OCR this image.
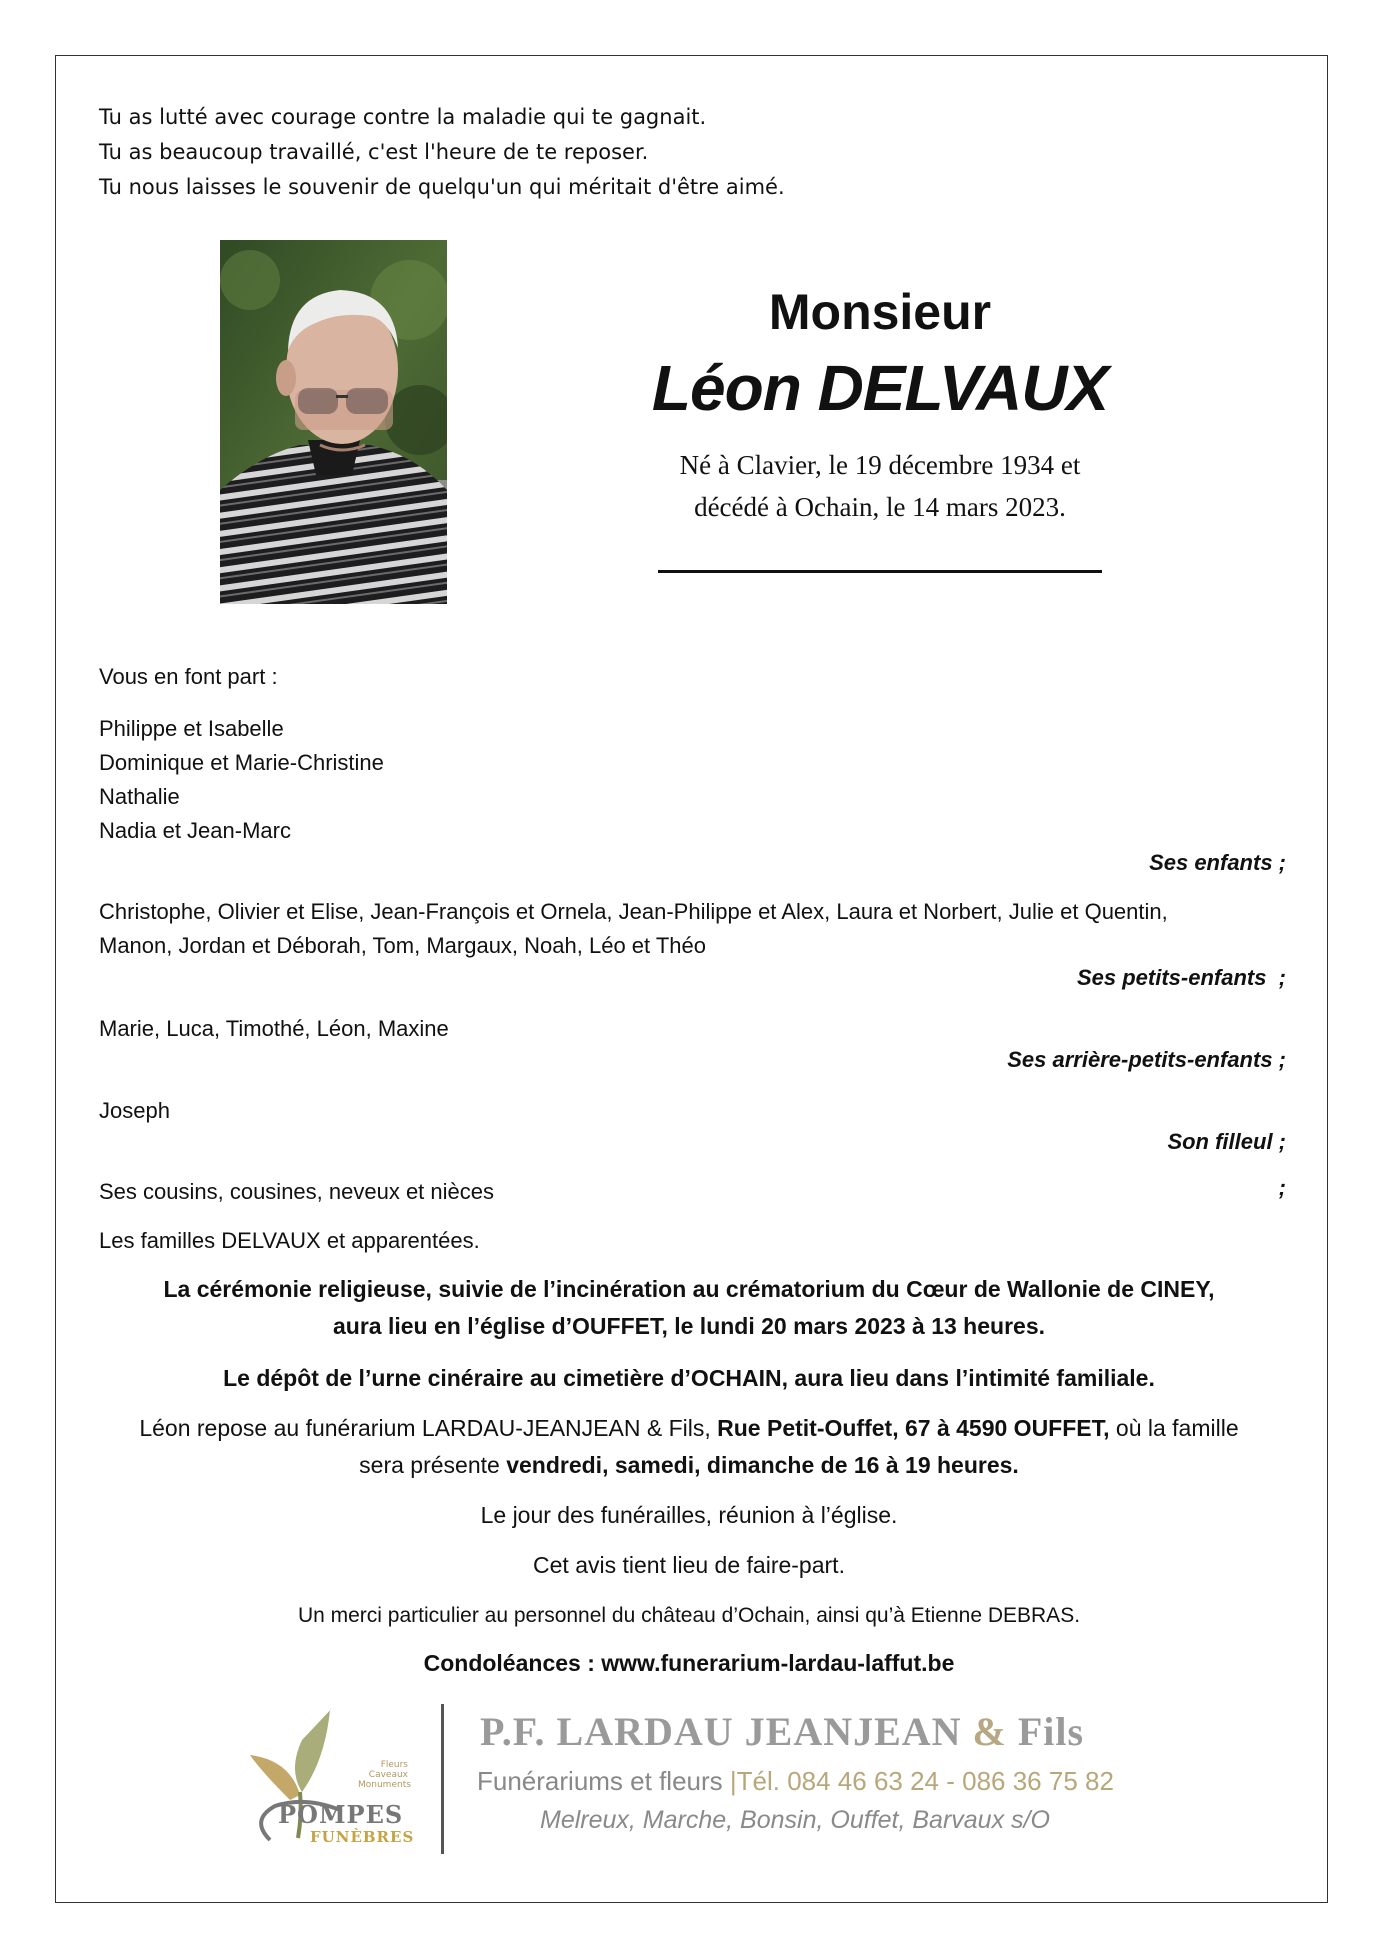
Tu as lutté avec courage contre la maladie qui te gagnait.
Tu as beaucoup travaillé, c'est l'heure de te reposer.
Tu nous laisses le souvenir de quelqu'un qui méritait d'être aimé.
Monsieur
Léon DELVAUX
Né à Clavier, le 19 décembre 1934 et
décédé à Ochain, le 14 mars 2023.
Vous en font part :
Philippe et Isabelle
Dominique et Marie-Christine
Nathalie
Nadia et Jean-Marc
Ses enfants ;
Christophe, Olivier et Elise, Jean-François et Ornela, Jean-Philippe et Alex, Laura et Norbert, Julie et Quentin,
Manon, Jordan et Déborah, Tom, Margaux, Noah, Léo et Théo
Ses petits-enfants  ;
Marie, Luca, Timothé, Léon, Maxine
Ses arrière-petits-enfants ;
Joseph
Son filleul ;
Ses cousins, cousines, neveux et nièces	;
Les familles DELVAUX et apparentées.
La cérémonie religieuse, suivie de l’incinération au crématorium du Cœur de Wallonie de CINEY,
aura lieu en l’église d’OUFFET, le lundi 20 mars 2023 à 13 heures.
Le dépôt de l’urne cinéraire au cimetière d’OCHAIN, aura lieu dans l’intimité familiale.
Léon repose au funérarium LARDAU-JEANJEAN & Fils, Rue Petit-Ouffet, 67 à 4590 OUFFET, où la famille
sera présente vendredi, samedi, dimanche de 16 à 19 heures.
Le jour des funérailles, réunion à l’église.
Cet avis tient lieu de faire-part.
Un merci particulier au personnel du château d’Ochain, ainsi qu’à Etienne DEBRAS.
Condoléances : www.funerarium-lardau-laffut.be
Fleurs
Caveaux
Monuments
POMPES
FUNÈBRES
P.F. LARDAU JEANJEAN & Fils
Funérariums et fleurs |Tél. 084 46 63 24 - 086 36 75 82
Melreux, Marche, Bonsin, Ouffet, Barvaux s/O
